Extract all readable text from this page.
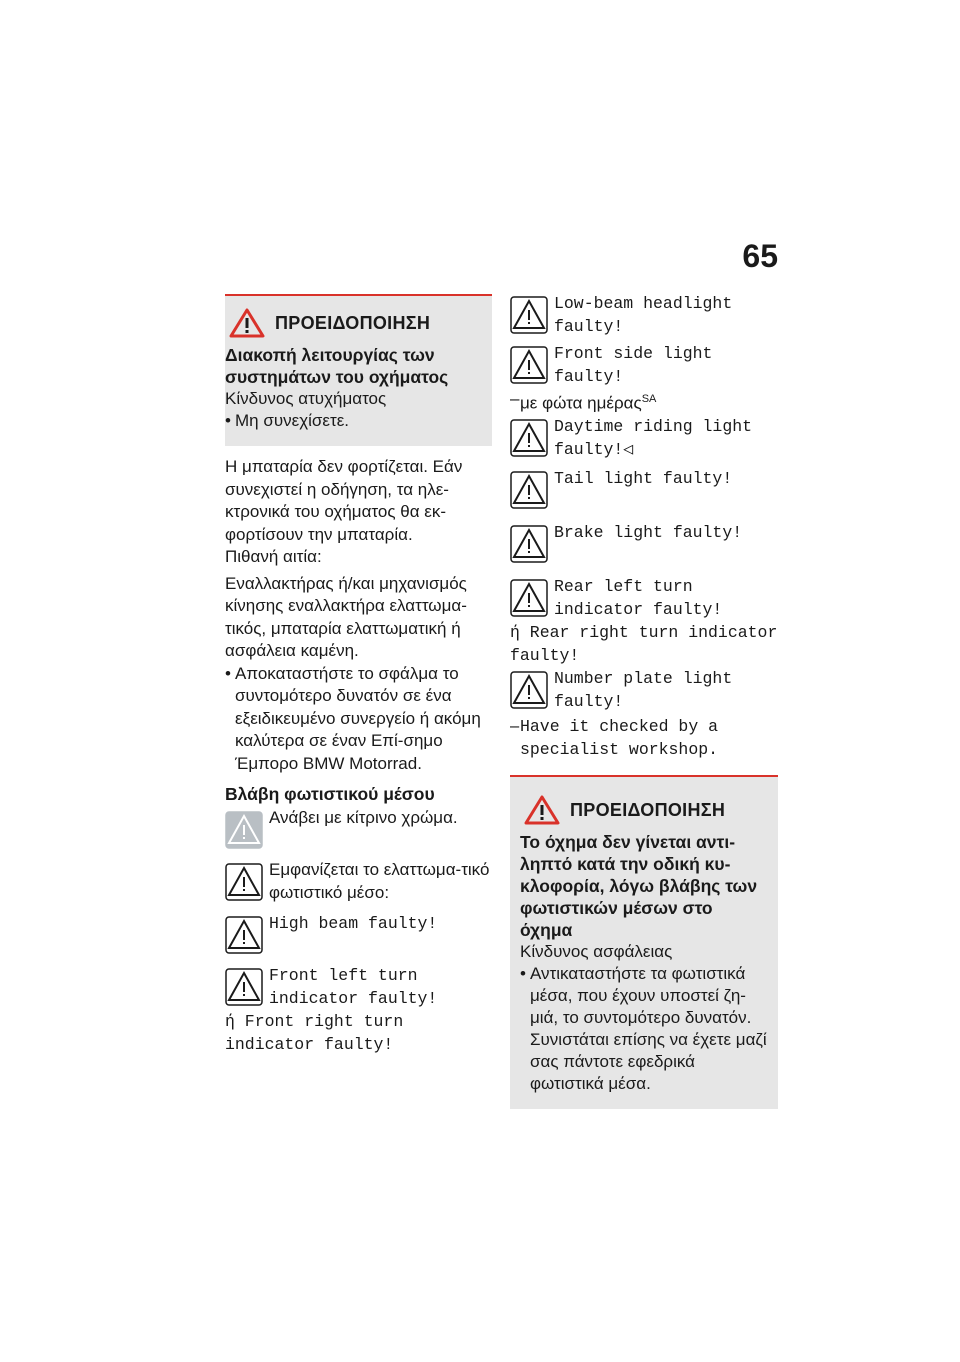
65
ΠΡΟΕΙΔΟΠΟΙΗΣΗ
Διακοπή λειτουργίας των συστημάτων του οχήματος
Κίνδυνος ατυχήματος
• Μη συνεχίσετε.

Η μπαταρία δεν φορτίζεται. Εάν συνεχιστεί η οδήγηση, τα ηλε-κτρονικά του οχήματος θα εκ-φορτίσουν την μπαταρία.

Πιθανή αιτία:

Εναλλακτήρας ή/και μηχανισμός κίνησης εναλλακτήρα ελαττωμα-τικός, μπαταρία ελαττωματική ή ασφάλεια καμένη.

• Αποκαταστήστε το σφάλμα το συντομότερο δυνατόν σε ένα εξειδικευμένο συνεργείο ή ακόμη καλύτερα σε έναν Επί-σημο Έμπορο BMW Motorrad.
Βλάβη φωτιστικού μέσου
Ανάβει με κίτρινο χρώμα.
Εμφανίζεται το ελαττωμα-τικό φωτιστικό μέσο:
High beam faulty!
Front left turn indicator faulty!
ή Front right turn indicator faulty!
Low-beam headlight faulty!
Front side light faulty!
– με φώτα ημέρας$^{SA}$
Daytime riding light faulty!◁
Tail light faulty!
Brake light faulty!
Rear left turn indicator faulty!
ή Rear right turn indicator faulty!
Number plate light faulty!
– Have it checked by a specialist workshop.
ΠΡΟΕΙΔΟΠΟΙΗΣΗ
Το όχημα δεν γίνεται αντι-ληπτό κατά την οδική κυ-κλοφορία, λόγω βλάβης των φωτιστικών μέσων στο όχημα
Κίνδυνος ασφάλειας
• Αντικαταστήστε τα φωτιστικά μέσα, που έχουν υποστεί ζη-μιά, το συντομότερο δυνατόν. Συνιστάται επίσης να έχετε μαζί σας πάντοτε εφεδρικά φωτιστικά μέσα.
